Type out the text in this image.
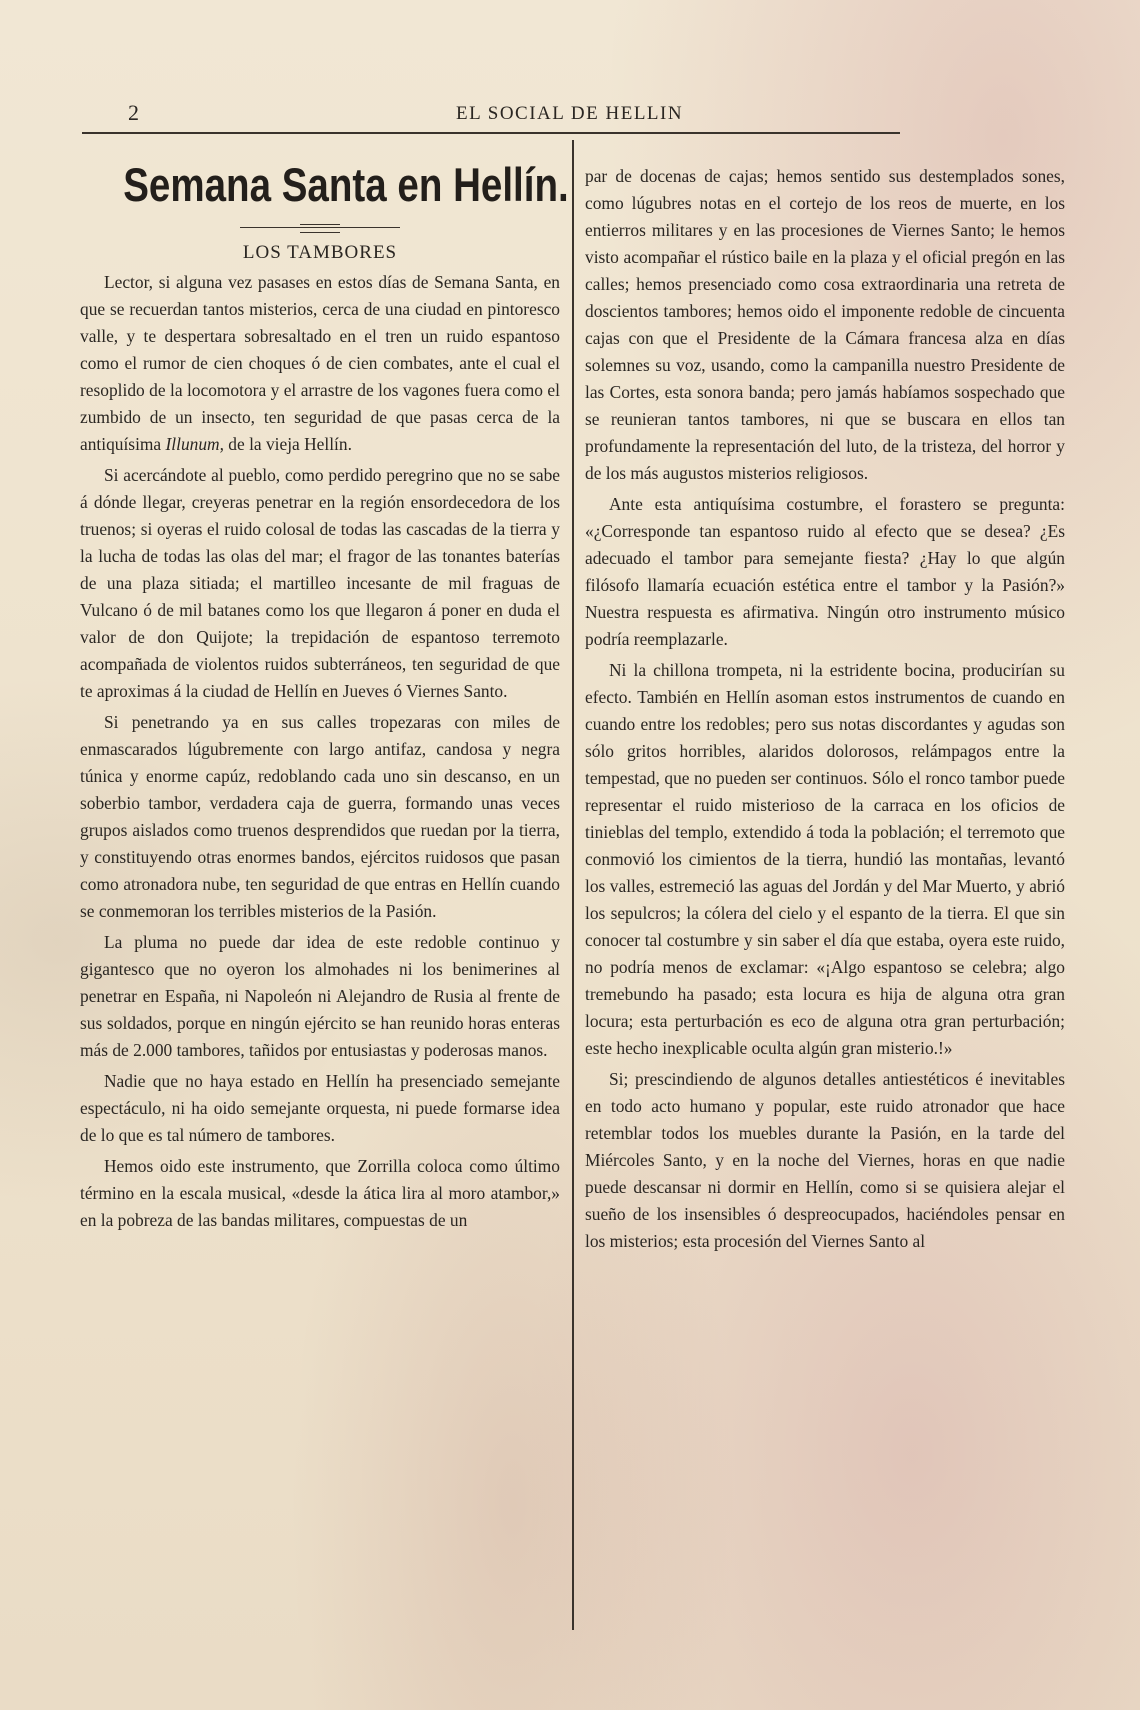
2	EL SOCIAL DE HELLIN
Semana Santa en Hellín.
LOS TAMBORES

Lector, si alguna vez pasases en estos días de Semana Santa, en que se recuerdan tantos misterios, cerca de una ciudad en pintoresco valle, y te despertara sobresaltado en el tren un ruido espantoso como el rumor de cien choques ó de cien combates, ante el cual el resoplido de la locomotora y el arrastre de los vagones fuera como el zumbido de un insecto, ten seguridad de que pasas cerca de la antiquísima Illunum, de la vieja Hellín.

Si acercándote al pueblo, como perdido peregrino que no se sabe á dónde llegar, creyeras penetrar en la región ensordecedora de los truenos; si oyeras el ruido colosal de todas las cascadas de la tierra y la lucha de todas las olas del mar; el fragor de las tonantes baterías de una plaza sitiada; el martilleo incesante de mil fraguas de Vulcano ó de mil batanes como los que llegaron á poner en duda el valor de don Quijote; la trepidación de espantoso terremoto acompañada de violentos ruidos subterráneos, ten seguridad de que te aproximas á la ciudad de Hellín en Jueves ó Viernes Santo.

Si penetrando ya en sus calles tropezaras con miles de enmascarados lúgubremente con largo antifaz, candosa y negra túnica y enorme capúz, redoblando cada uno sin descanso, en un soberbio tambor, verdadera caja de guerra, formando unas veces grupos aislados como truenos desprendidos que ruedan por la tierra, y constituyendo otras enormes bandos, ejércitos ruidosos que pasan como atronadora nube, ten seguridad de que entras en Hellín cuando se conmemoran los terribles misterios de la Pasión.

La pluma no puede dar idea de este redoble continuo y gigantesco que no oyeron los almohades ni los benimerines al penetrar en España, ni Napoleón ni Alejandro de Rusia al frente de sus soldados, porque en ningún ejército se han reunido horas enteras más de 2.000 tambores, tañidos por entusiastas y poderosas manos.

Nadie que no haya estado en Hellín ha presenciado semejante espectáculo, ni ha oido semejante orquesta, ni puede formarse idea de lo que es tal número de tambores.

Hemos oido este instrumento, que Zorrilla coloca como último término en la escala musical, «desde la ática lira al moro atambor,» en la pobreza de las bandas militares, compuestas de un

par de docenas de cajas; hemos sentido sus destemplados sones, como lúgubres notas en el cortejo de los reos de muerte, en los entierros militares y en las procesiones de Viernes Santo; le hemos visto acompañar el rústico baile en la plaza y el oficial pregón en las calles; hemos presenciado como cosa extraordinaria una retreta de doscientos tambores; hemos oido el imponente redoble de cincuenta cajas con que el Presidente de la Cámara francesa alza en días solemnes su voz, usando, como la campanilla nuestro Presidente de las Cortes, esta sonora banda; pero jamás habíamos sospechado que se reunieran tantos tambores, ni que se buscara en ellos tan profundamente la representación del luto, de la tristeza, del horror y de los más augustos misterios religiosos.

Ante esta antiquísima costumbre, el forastero se pregunta: «¿Corresponde tan espantoso ruido al efecto que se desea? ¿Es adecuado el tambor para semejante fiesta? ¿Hay lo que algún filósofo llamaría ecuación estética entre el tambor y la Pasión?» Nuestra respuesta es afirmativa. Ningún otro instrumento músico podría reemplazarle.

Ni la chillona trompeta, ni la estridente bocina, producirían su efecto. También en Hellín asoman estos instrumentos de cuando en cuando entre los redobles; pero sus notas discordantes y agudas son sólo gritos horribles, alaridos dolorosos, relámpagos entre la tempestad, que no pueden ser continuos. Sólo el ronco tambor puede representar el ruido misterioso de la carraca en los oficios de tinieblas del templo, extendido á toda la población; el terremoto que conmovió los cimientos de la tierra, hundió las montañas, levantó los valles, estremeció las aguas del Jordán y del Mar Muerto, y abrió los sepulcros; la cólera del cielo y el espanto de la tierra. El que sin conocer tal costumbre y sin saber el día que estaba, oyera este ruido, no podría menos de exclamar: «¡Algo espantoso se celebra; algo tremebundo ha pasado; esta locura es hija de alguna otra gran locura; esta perturbación es eco de alguna otra gran perturbación; este hecho inexplicable oculta algún gran misterio.!»

Si; prescindiendo de algunos detalles antiestéticos é inevitables en todo acto humano y popular, este ruido atronador que hace retemblar todos los muebles durante la Pasión, en la tarde del Miércoles Santo, y en la noche del Viernes, horas en que nadie puede descansar ni dormir en Hellín, como si se quisiera alejar el sueño de los insensibles ó despreocupados, haciéndoles pensar en los misterios; esta procesión del Viernes Santo al
